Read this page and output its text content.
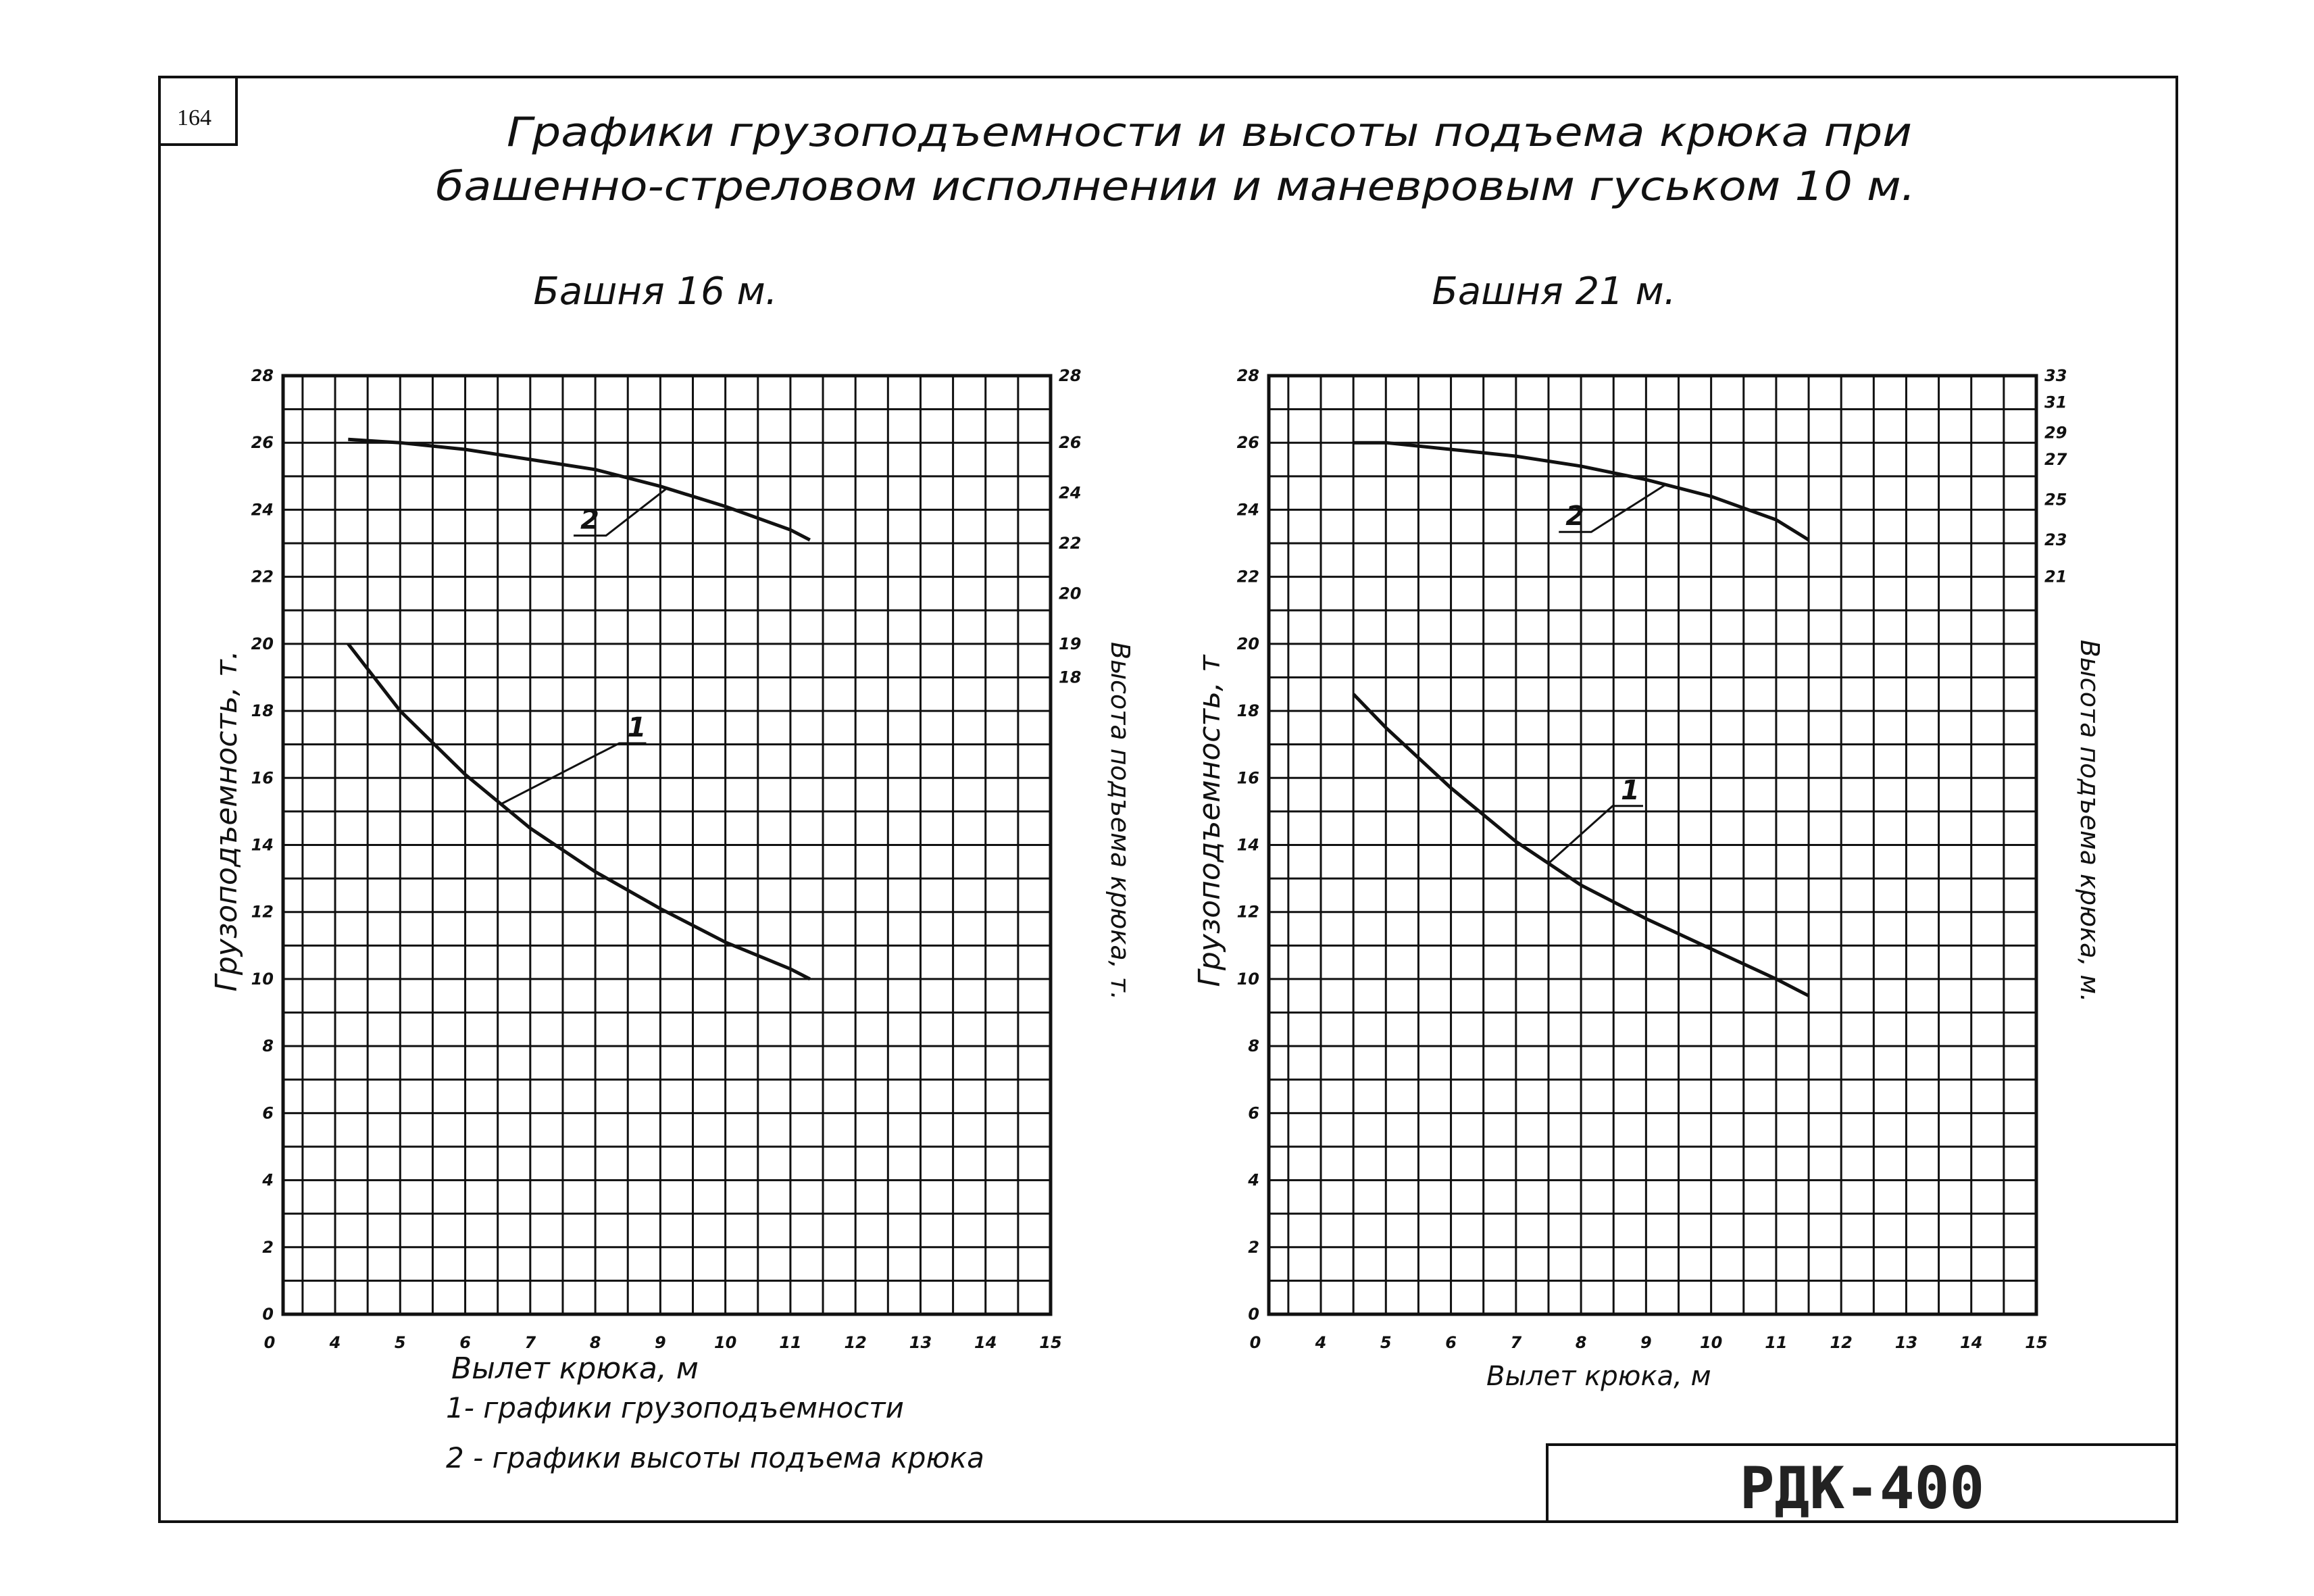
164	Графики грузоподъемности и высоты подъема крюка при
башенно-стреловом исполнении и маневровым гуськом 10 м.
Башня 16 м.
0	4	5	6	7	8	9	10	11	12	13	14	15
0
2
4
6
8
10
12
14
16
18
20
22
24
26
28
18
19
20
22
24
26
28
1
2
Грузоподъемность, т.	Высота подъема крюка, т.
Вылет крюка, м
Башня 21 м.
0	4	5	6	7	8	9	10	11	12	13	14	15
0
2
4
6
8
10
12
14
16
18
20
22
24
26
28
21
23
25
27
29
31
33
1
2
Грузоподъемность, т	Высота подъема крюка, м.
Вылет крюка, м
1- графики грузоподъемности
2 - графики высоты подъема крюка	РДК-400
